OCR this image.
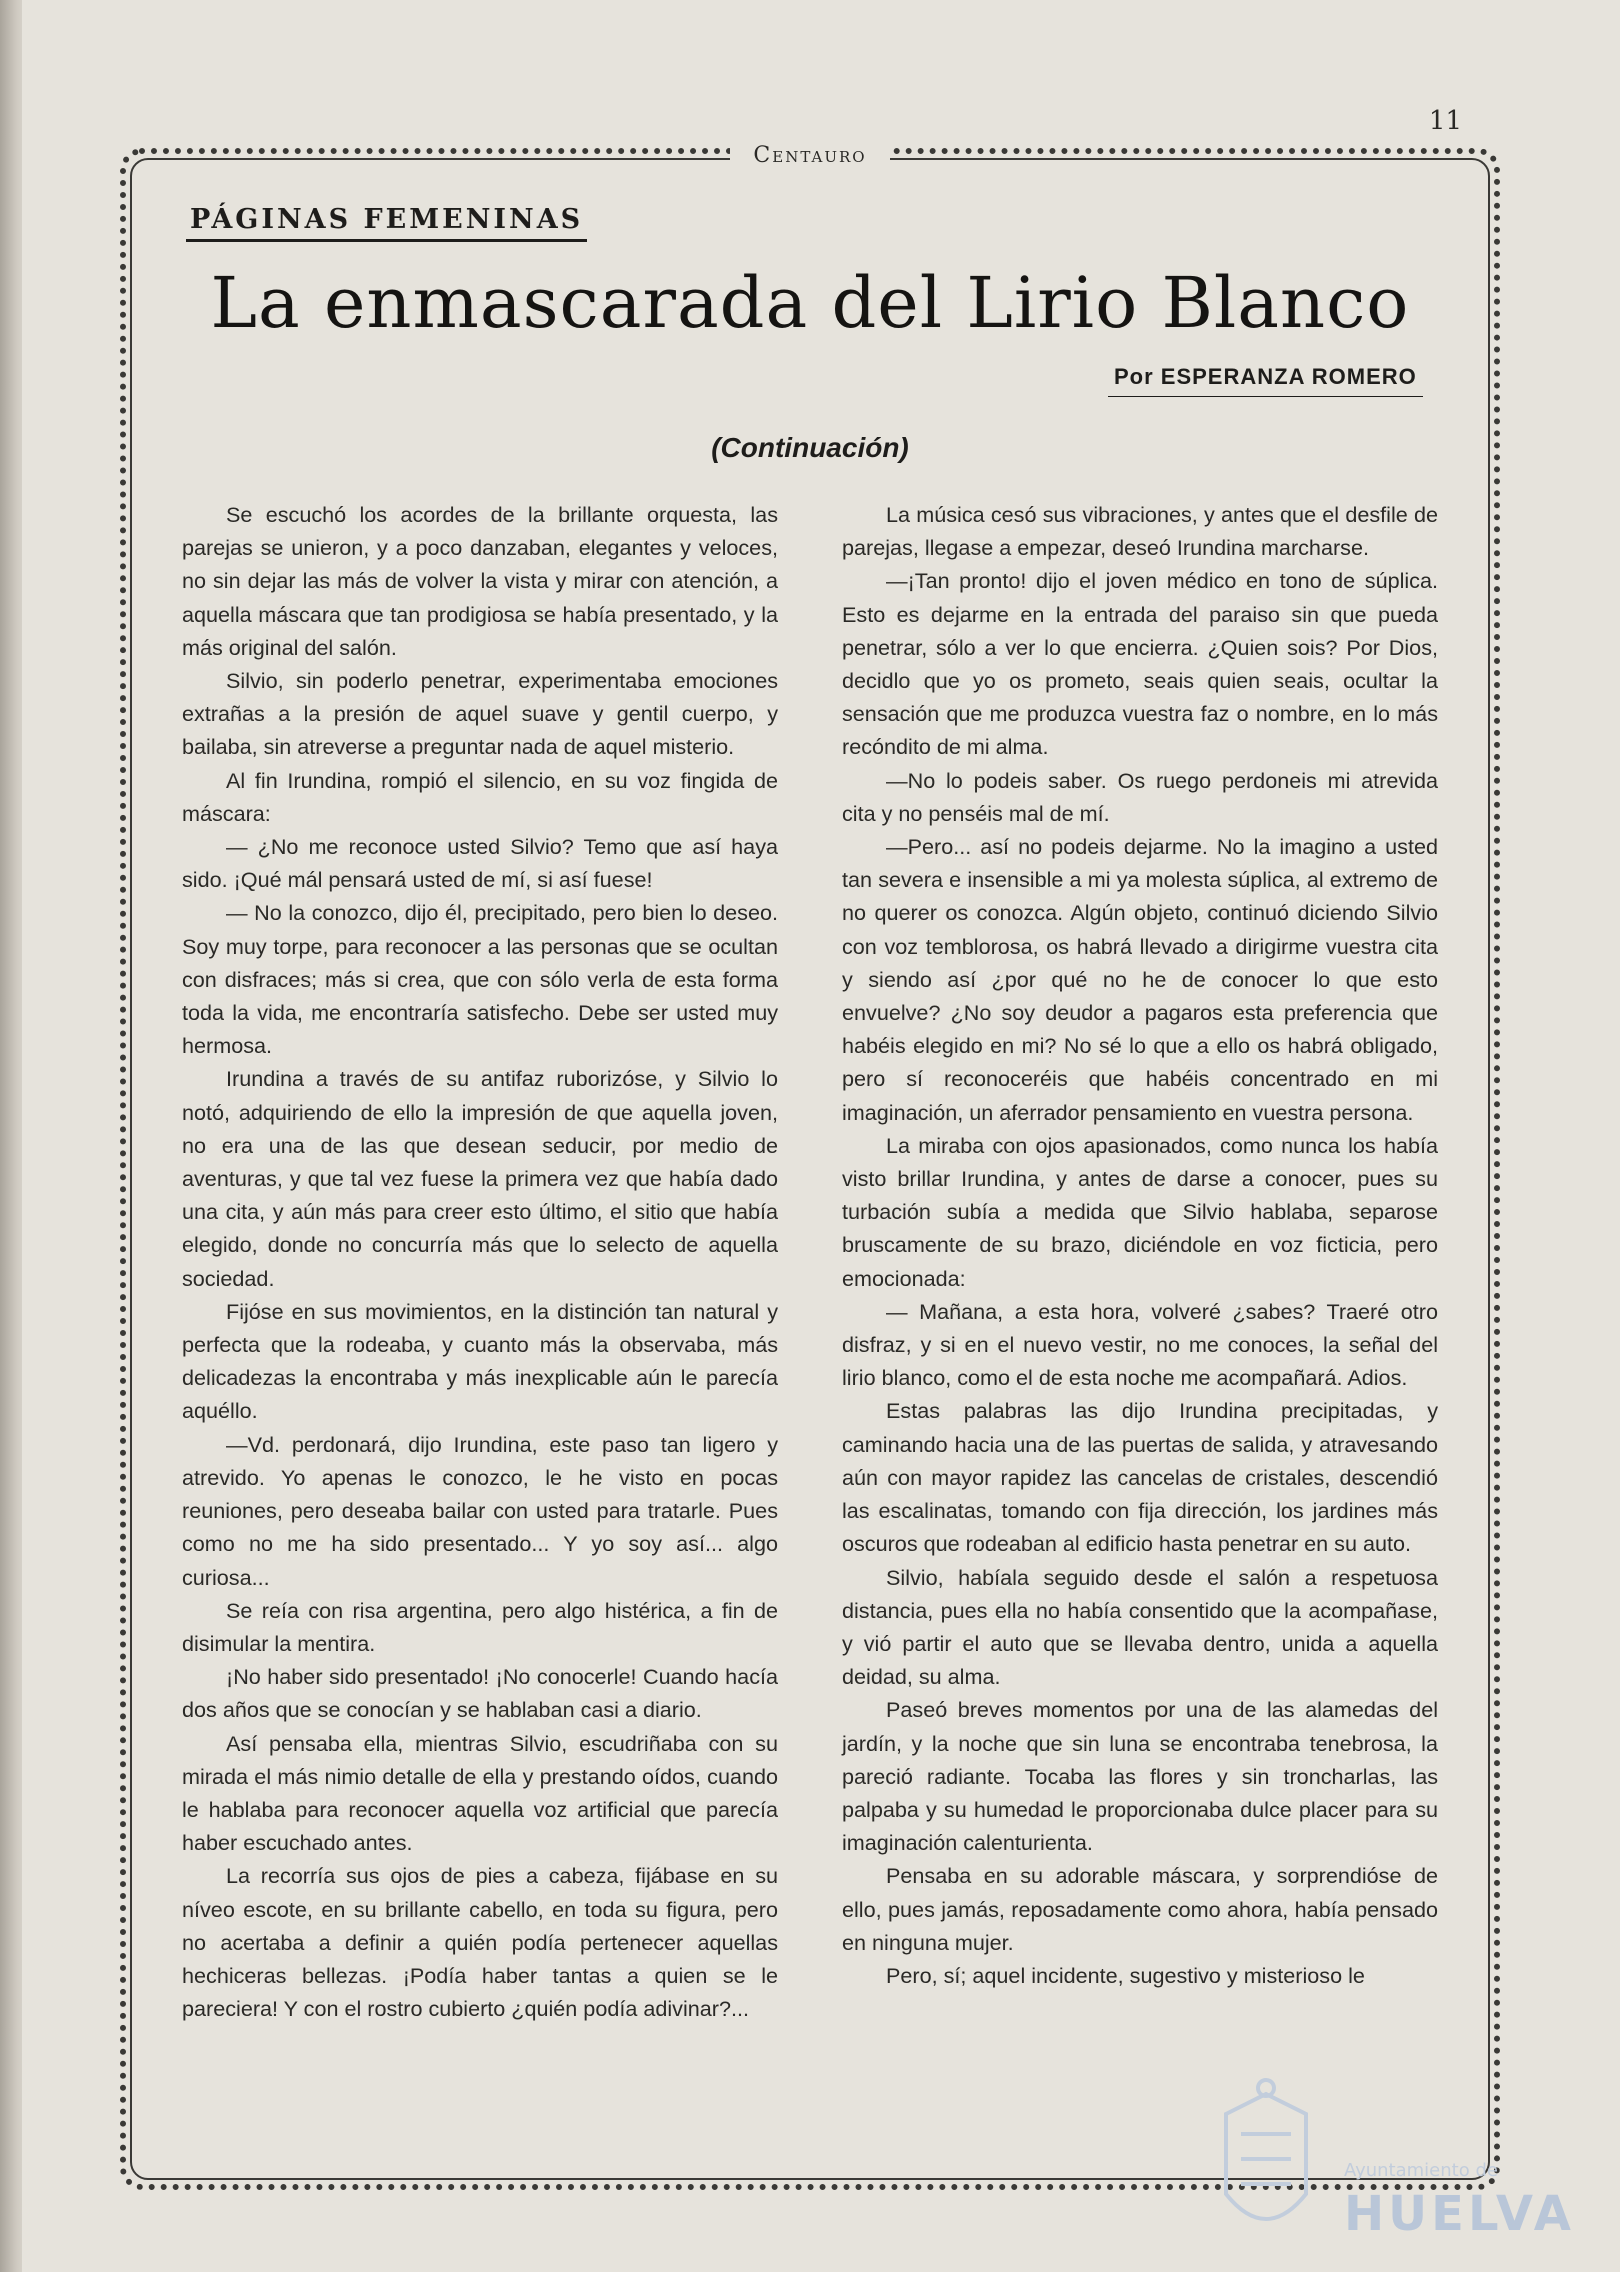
11
Centauro
PÁGINAS FEMENINAS
La enmascarada del Lirio Blanco
Por ESPERANZA ROMERO
(Continuación)

Se escuchó los acordes de la brillante orquesta, las parejas se unieron, y a poco danzaban, elegantes y veloces, no sin dejar las más de volver la vista y mirar con atención, a aquella máscara que tan prodigiosa se había presentado, y la más original del salón.

Silvio, sin poderlo penetrar, experimentaba emociones extrañas a la presión de aquel suave y gentil cuerpo, y bailaba, sin atreverse a preguntar nada de aquel misterio.

Al fin Irundina, rompió el silencio, en su voz fingida de máscara:

— ¿No me reconoce usted Silvio? Temo que así haya sido. ¡Qué mál pensará usted de mí, si así fuese!

— No la conozco, dijo él, precipitado, pero bien lo deseo. Soy muy torpe, para reconocer a las personas que se ocultan con disfraces; más si crea, que con sólo verla de esta forma toda la vida, me encontraría satisfecho. Debe ser usted muy hermosa.

Irundina a través de su antifaz ruborizóse, y Silvio lo notó, adquiriendo de ello la impresión de que aquella joven, no era una de las que desean seducir, por medio de aventuras, y que tal vez fuese la primera vez que había dado una cita, y aún más para creer esto último, el sitio que había elegido, donde no concurría más que lo selecto de aquella sociedad.

Fijóse en sus movimientos, en la distinción tan natural y perfecta que la rodeaba, y cuanto más la observaba, más delicadezas la encontraba y más inexplicable aún le parecía aquéllo.

—Vd. perdonará, dijo Irundina, este paso tan ligero y atrevido. Yo apenas le conozco, le he visto en pocas reuniones, pero deseaba bailar con usted para tratarle. Pues como no me ha sido presentado... Y yo soy así... algo curiosa...

Se reía con risa argentina, pero algo histérica, a fin de disimular la mentira.

¡No haber sido presentado! ¡No conocerle! Cuando hacía dos años que se conocían y se hablaban casi a diario.

Así pensaba ella, mientras Silvio, escudriñaba con su mirada el más nimio detalle de ella y prestando oídos, cuando le hablaba para reconocer aquella voz artificial que parecía haber escuchado antes.

La recorría sus ojos de pies a cabeza, fijábase en su níveo escote, en su brillante cabello, en toda su figura, pero no acertaba a definir a quién podía pertenecer aquellas hechiceras bellezas. ¡Podía haber tantas a quien se le pareciera! Y con el rostro cubierto ¿quién podía adivinar?...

La música cesó sus vibraciones, y antes que el desfile de parejas, llegase a empezar, deseó Irundina marcharse.

—¡Tan pronto! dijo el joven médico en tono de súplica. Esto es dejarme en la entrada del paraiso sin que pueda penetrar, sólo a ver lo que encierra. ¿Quien sois? Por Dios, decidlo que yo os prometo, seais quien seais, ocultar la sensación que me produzca vuestra faz o nombre, en lo más recóndito de mi alma.

—No lo podeis saber. Os ruego perdoneis mi atrevida cita y no penséis mal de mí.

—Pero... así no podeis dejarme. No la imagino a usted tan severa e insensible a mi ya molesta súplica, al extremo de no querer os conozca. Algún objeto, continuó diciendo Silvio con voz temblorosa, os habrá llevado a dirigirme vuestra cita y siendo así ¿por qué no he de conocer lo que esto envuelve? ¿No soy deudor a pagaros esta preferencia que habéis elegido en mi? No sé lo que a ello os habrá obligado, pero sí reconoceréis que habéis concentrado en mi imaginación, un aferrador pensamiento en vuestra persona.

La miraba con ojos apasionados, como nunca los había visto brillar Irundina, y antes de darse a conocer, pues su turbación subía a medida que Silvio hablaba, separose bruscamente de su brazo, diciéndole en voz ficticia, pero emocionada:

— Mañana, a esta hora, volveré ¿sabes? Traeré otro disfraz, y si en el nuevo vestir, no me conoces, la señal del lirio blanco, como el de esta noche me acompañará. Adios.

Estas palabras las dijo Irundina precipitadas, y caminando hacia una de las puertas de salida, y atravesando aún con mayor rapidez las cancelas de cristales, descendió las escalinatas, tomando con fija dirección, los jardines más oscuros que rodeaban al edificio hasta penetrar en su auto.

Silvio, habíala seguido desde el salón a respetuosa distancia, pues ella no había consentido que la acompañase, y vió partir el auto que se llevaba dentro, unida a aquella deidad, su alma.

Paseó breves momentos por una de las alamedas del jardín, y la noche que sin luna se encontraba tenebrosa, la pareció radiante. Tocaba las flores y sin troncharlas, las palpaba y su humedad le proporcionaba dulce placer para su imaginación calenturienta.

Pensaba en su adorable máscara, y sorprendióse de ello, pues jamás, reposadamente como ahora, había pensado en ninguna mujer.

Pero, sí; aquel incidente, sugestivo y misterioso le

Ayuntamiento de
HUELVA
